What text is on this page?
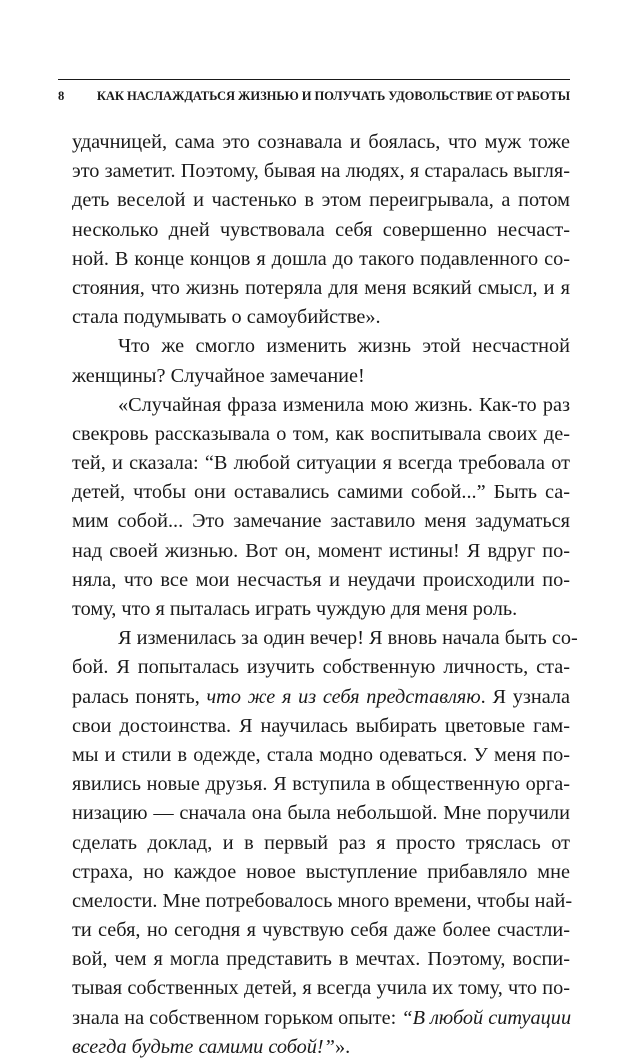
8	КАК НАСЛАЖДАТЬСЯ ЖИЗНЬЮ И ПОЛУЧАТЬ УДОВОЛЬСТВИЕ ОТ РАБОТЫ
удачницей, сама это сознавала и боялась, что муж тоже
это заметит. Поэтому, бывая на людях, я старалась выгля-
деть веселой и частенько в этом переигрывала, а потом
несколько дней чувствовала себя совершенно несчаст-
ной. В конце концов я дошла до такого подавленного со-
стояния, что жизнь потеряла для меня всякий смысл, и я
стала подумывать о самоубийстве».
Что же смогло изменить жизнь этой несчастной
женщины? Случайное замечание!
«Случайная фраза изменила мою жизнь. Как-то раз
свекровь рассказывала о том, как воспитывала своих де-
тей, и сказала: “В любой ситуации я всегда требовала от
детей, чтобы они оставались самими собой...” Быть са-
мим собой... Это замечание заставило меня задуматься
над своей жизнью. Вот он, момент истины! Я вдруг по-
няла, что все мои несчастья и неудачи происходили по-
тому, что я пыталась играть чуждую для меня роль.
Я изменилась за один вечер! Я вновь начала быть со-
бой. Я попыталась изучить собственную личность, ста-
ралась понять, что же я из себя представляю. Я узнала
свои достоинства. Я научилась выбирать цветовые гам-
мы и стили в одежде, стала модно одеваться. У меня по-
явились новые друзья. Я вступила в общественную орга-
низацию — сначала она была небольшой. Мне поручили
сделать доклад, и в первый раз я просто тряслась от
страха, но каждое новое выступление прибавляло мне
смелости. Мне потребовалось много времени, чтобы най-
ти себя, но сегодня я чувствую себя даже более счастли-
вой, чем я могла представить в мечтах. Поэтому, воспи-
тывая собственных детей, я всегда учила их тому, что по-
знала на собственном горьком опыте: “В любой ситуации
всегда будьте самими собой!”».
